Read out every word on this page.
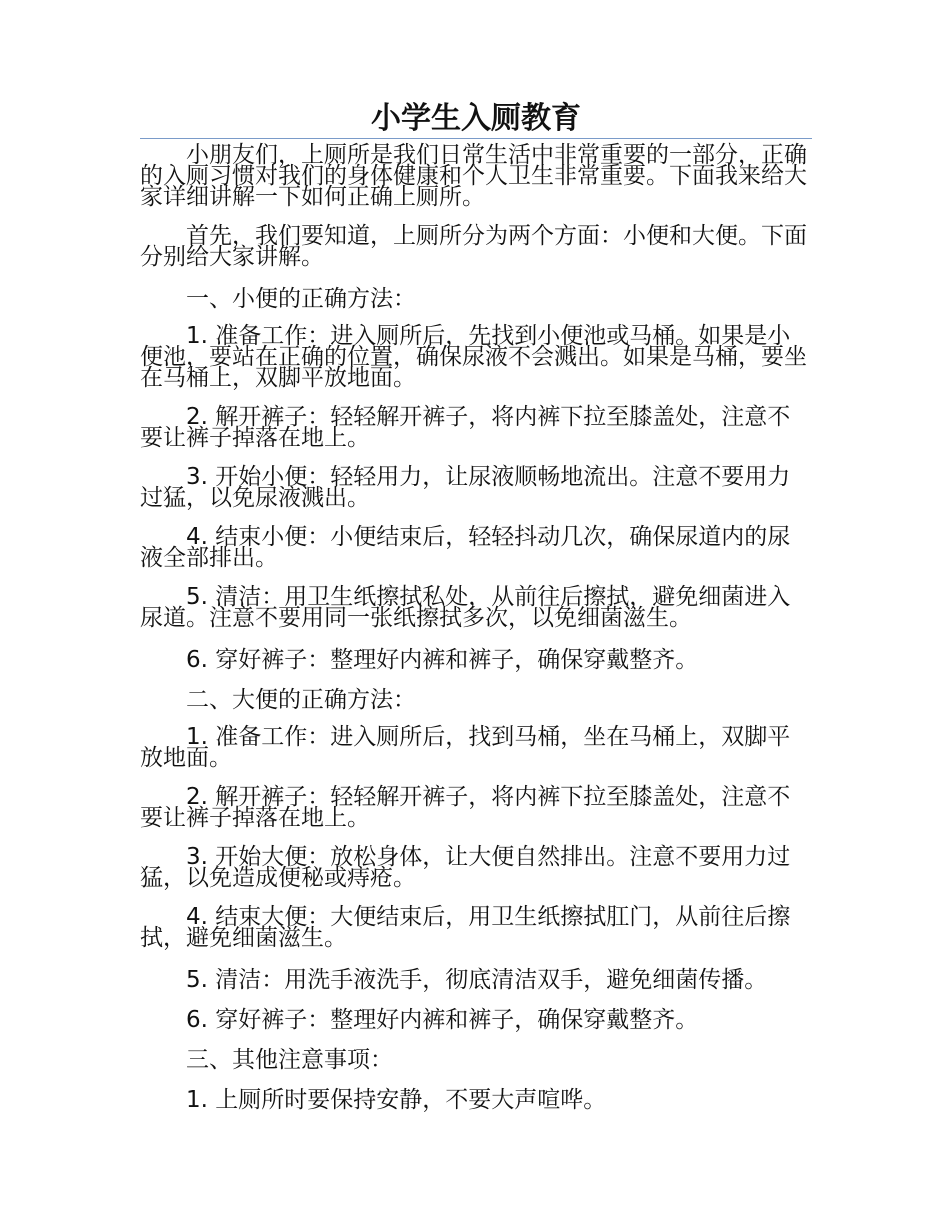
小学生入厕教育

小朋友们，上厕所是我们日常生活中非常重要的一部分，正确的入厕习惯对我们的身体健康和个人卫生非常重要。下面我来给大家详细讲解一下如何正确上厕所。

首先，我们要知道，上厕所分为两个方面：小便和大便。下面分别给大家讲解。

一、小便的正确方法：

1. 准备工作：进入厕所后，先找到小便池或马桶。如果是小便池，要站在正确的位置，确保尿液不会溅出。如果是马桶，要坐在马桶上，双脚平放地面。

2. 解开裤子：轻轻解开裤子，将内裤下拉至膝盖处，注意不要让裤子掉落在地上。

3. 开始小便：轻轻用力，让尿液顺畅地流出。注意不要用力过猛，以免尿液溅出。

4. 结束小便：小便结束后，轻轻抖动几次，确保尿道内的尿液全部排出。

5. 清洁：用卫生纸擦拭私处，从前往后擦拭，避免细菌进入尿道。注意不要用同一张纸擦拭多次，以免细菌滋生。

6. 穿好裤子：整理好内裤和裤子，确保穿戴整齐。

二、大便的正确方法：

1. 准备工作：进入厕所后，找到马桶，坐在马桶上，双脚平放地面。

2. 解开裤子：轻轻解开裤子，将内裤下拉至膝盖处，注意不要让裤子掉落在地上。

3. 开始大便：放松身体，让大便自然排出。注意不要用力过猛，以免造成便秘或痔疮。

4. 结束大便：大便结束后，用卫生纸擦拭肛门，从前往后擦拭，避免细菌滋生。

5. 清洁：用洗手液洗手，彻底清洁双手，避免细菌传播。

6. 穿好裤子：整理好内裤和裤子，确保穿戴整齐。

三、其他注意事项：

1. 上厕所时要保持安静，不要大声喧哗。
